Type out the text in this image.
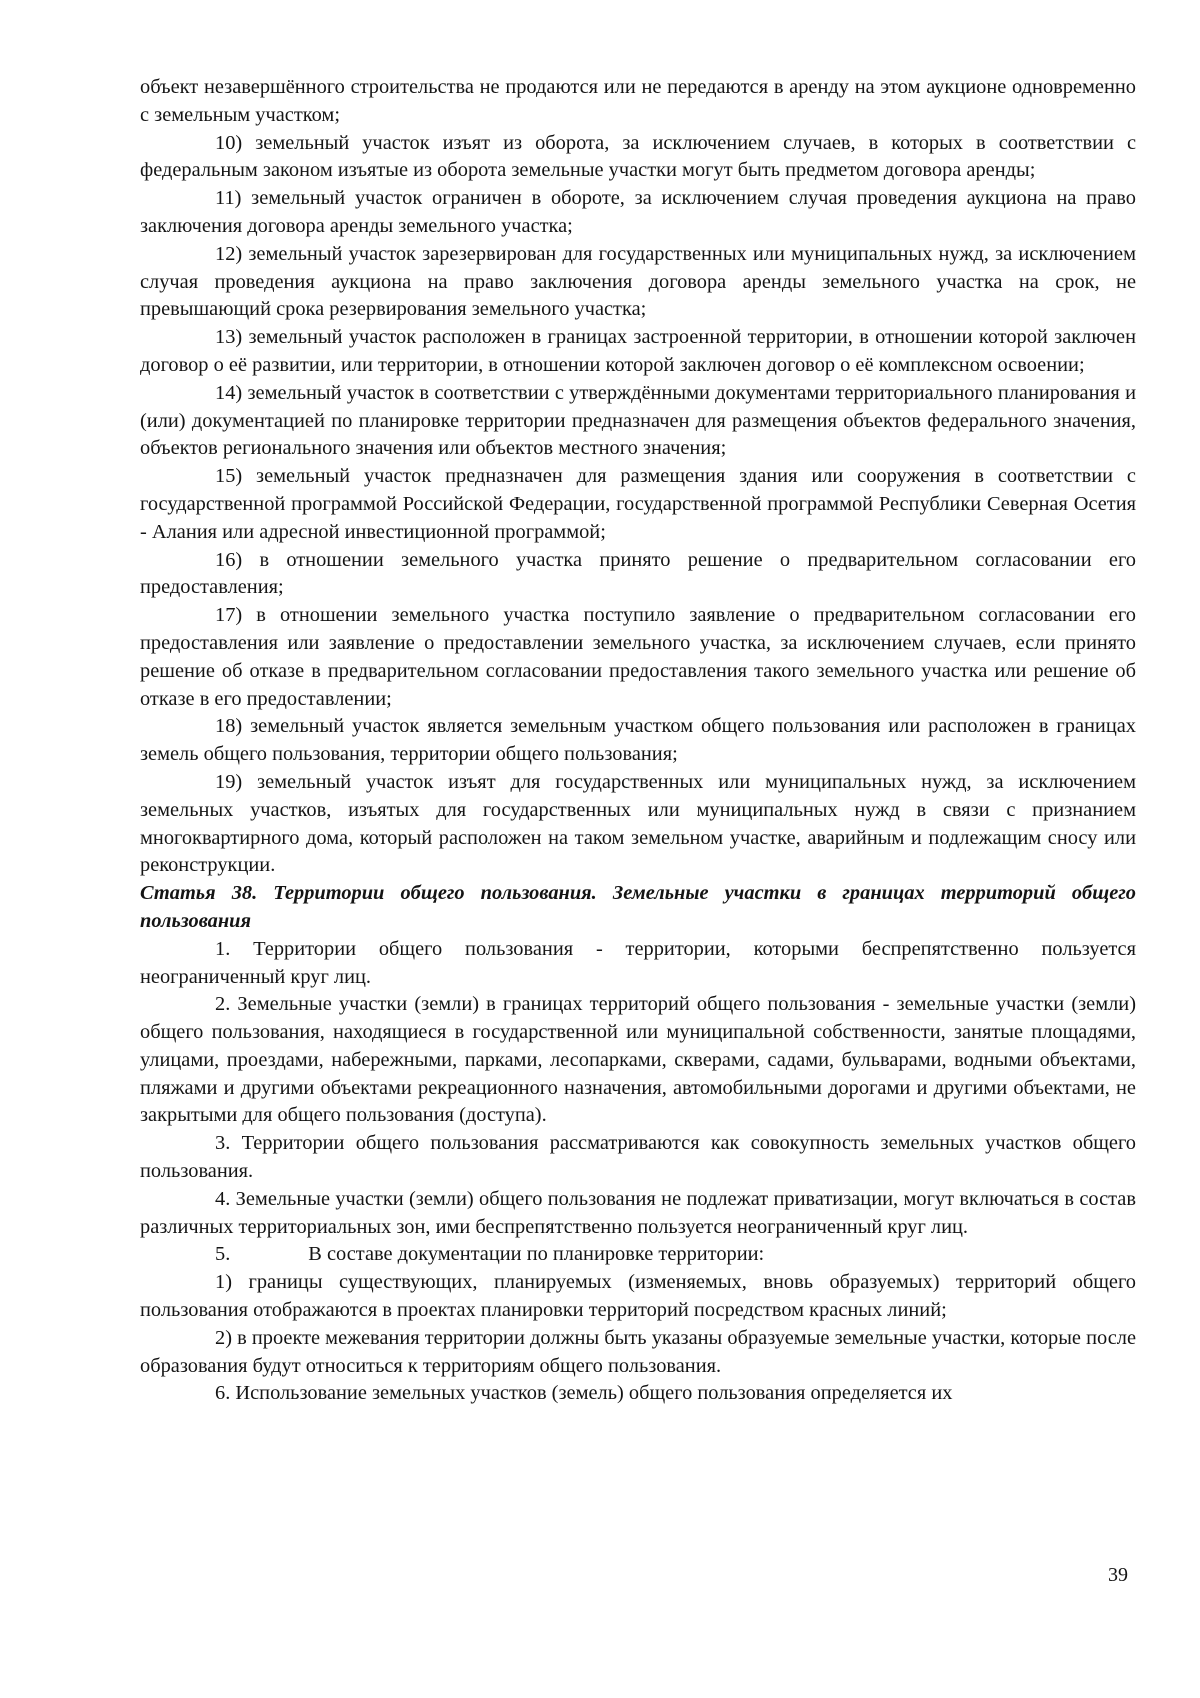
объект незавершённого строительства не продаются или не передаются в аренду на этом аукционе одновременно с земельным участком;

10) земельный участок изъят из оборота, за исключением случаев, в которых в соответствии с федеральным законом изъятые из оборота земельные участки могут быть предметом договора аренды;

11) земельный участок ограничен в обороте, за исключением случая проведения аукциона на право заключения договора аренды земельного участка;

12) земельный участок зарезервирован для государственных или муниципальных нужд, за исключением случая проведения аукциона на право заключения договора аренды земельного участка на срок, не превышающий срока резервирования земельного участка;

13) земельный участок расположен в границах застроенной территории, в отношении которой заключен договор о её развитии, или территории, в отношении которой заключен договор о её комплексном освоении;

14) земельный участок в соответствии с утверждёнными документами территориального планирования и (или) документацией по планировке территории предназначен для размещения объектов федерального значения, объектов регионального значения или объектов местного значения;

15) земельный участок предназначен для размещения здания или сооружения в соответствии с государственной программой Российской Федерации, государственной программой Республики Северная Осетия - Алания или адресной инвестиционной программой;

16) в отношении земельного участка принято решение о предварительном согласовании его предоставления;

17) в отношении земельного участка поступило заявление о предварительном согласовании его предоставления или заявление о предоставлении земельного участка, за исключением случаев, если принято решение об отказе в предварительном согласовании предоставления такого земельного участка или решение об отказе в его предоставлении;

18) земельный участок является земельным участком общего пользования или расположен в границах земель общего пользования, территории общего пользования;

19) земельный участок изъят для государственных или муниципальных нужд, за исключением земельных участков, изъятых для государственных или муниципальных нужд в связи с признанием многоквартирного дома, который расположен на таком земельном участке, аварийным и подлежащим сносу или реконструкции.

Статья 38. Территории общего пользования. Земельные участки в границах территорий общего пользования

1. Территории общего пользования - территории, которыми беспрепятственно пользуется неограниченный круг лиц.

2. Земельные участки (земли) в границах территорий общего пользования - земельные участки (земли) общего пользования, находящиеся в государственной или муниципальной собственности, занятые площадями, улицами, проездами, набережными, парками, лесопарками, скверами, садами, бульварами, водными объектами, пляжами и другими объектами рекреационного назначения, автомобильными дорогами и другими объектами, не закрытыми для общего пользования (доступа).

3. Территории общего пользования рассматриваются как совокупность земельных участков общего пользования.

4. Земельные участки (земли) общего пользования не подлежат приватизации, могут включаться в состав различных территориальных зон, ими беспрепятственно пользуется неограниченный круг лиц.

5.	В составе документации по планировке территории:

1) границы существующих, планируемых (изменяемых, вновь образуемых) территорий общего пользования отображаются в проектах планировки территорий посредством красных линий;

2) в проекте межевания территории должны быть указаны образуемые земельные участки, которые после образования будут относиться к территориям общего пользования.

6. Использование земельных участков (земель) общего пользования определяется их

39
